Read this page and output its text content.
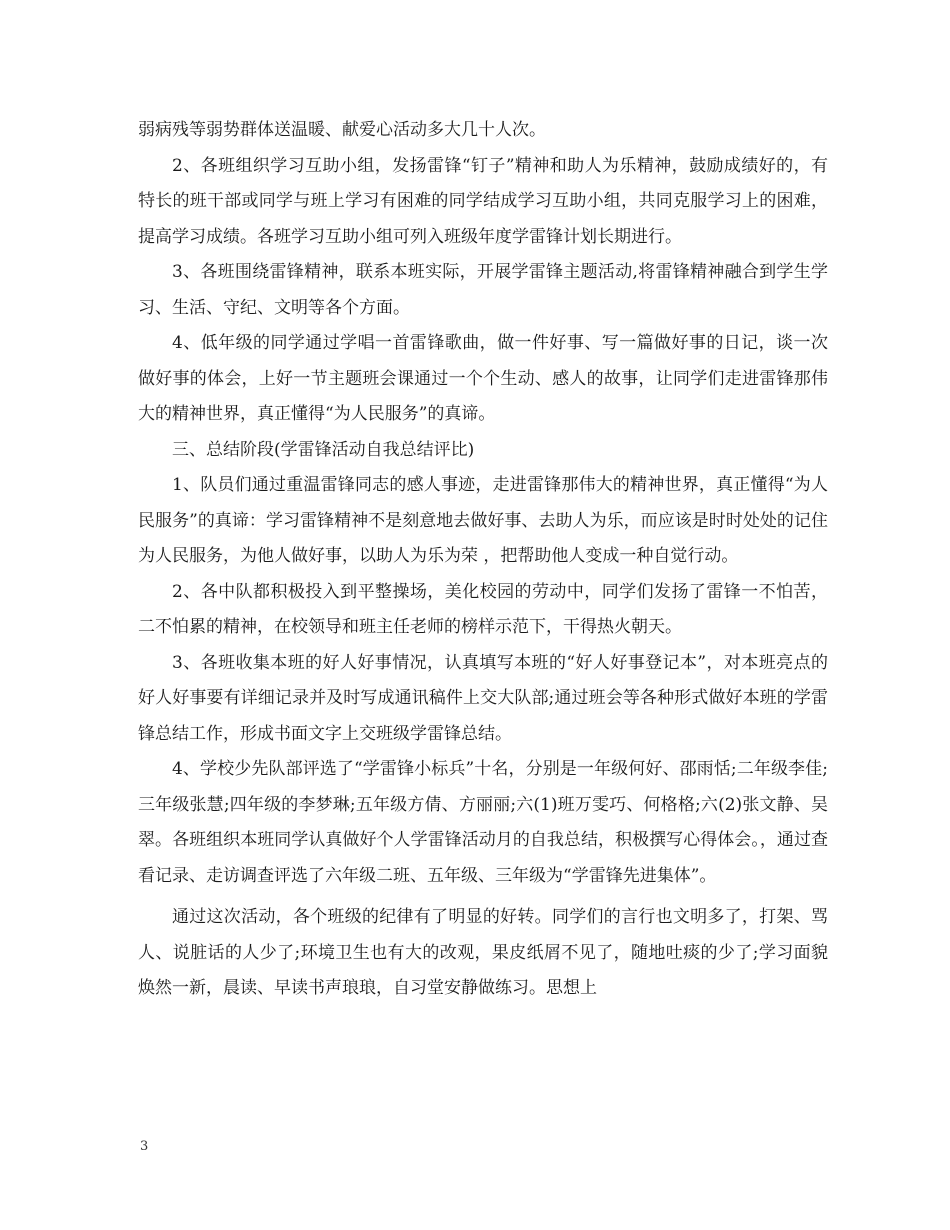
弱病残等弱势群体送温暖、献爱心活动多大几十人次。

2、各班组织学习互助小组，发扬雷锋“钉子”精神和助人为乐精神，鼓励成绩好的，有特长的班干部或同学与班上学习有困难的同学结成学习互助小组，共同克服学习上的困难，提高学习成绩。各班学习互助小组可列入班级年度学雷锋计划长期进行。

3、各班围绕雷锋精神，联系本班实际，开展学雷锋主题活动,将雷锋精神融合到学生学习、生活、守纪、文明等各个方面。

4、低年级的同学通过学唱一首雷锋歌曲，做一件好事、写一篇做好事的日记，谈一次做好事的体会，上好一节主题班会课通过一个个生动、感人的故事，让同学们走进雷锋那伟大的精神世界，真正懂得“为人民服务”的真谛。

三、总结阶段(学雷锋活动自我总结评比)

1、队员们通过重温雷锋同志的感人事迹，走进雷锋那伟大的精神世界，真正懂得“为人民服务”的真谛：学习雷锋精神不是刻意地去做好事、去助人为乐，而应该是时时处处的记住为人民服务，为他人做好事，以助人为乐为荣 ，把帮助他人变成一种自觉行动。

2、各中队都积极投入到平整操场，美化校园的劳动中，同学们发扬了雷锋一不怕苦，二不怕累的精神，在校领导和班主任老师的榜样示范下，干得热火朝天。

3、各班收集本班的好人好事情况，认真填写本班的“好人好事登记本”，对本班亮点的好人好事要有详细记录并及时写成通讯稿件上交大队部;通过班会等各种形式做好本班的学雷锋总结工作，形成书面文字上交班级学雷锋总结。

4、学校少先队部评选了“学雷锋小标兵”十名，分别是一年级何好、邵雨恬;二年级李佳;三年级张慧;四年级的李梦琳;五年级方倩、方丽丽;六(1)班万雯巧、何格格;六(2)张文静、吴翠。各班组织本班同学认真做好个人学雷锋活动月的自我总结，积极撰写心得体会。，通过查看记录、走访调查评选了六年级二班、五年级、三年级为“学雷锋先进集体”。

通过这次活动，各个班级的纪律有了明显的好转。同学们的言行也文明多了，打架、骂人、说脏话的人少了;环境卫生也有大的改观，果皮纸屑不见了，随地吐痰的少了;学习面貌焕然一新，晨读、早读书声琅琅，自习堂安静做练习。思想上

3
